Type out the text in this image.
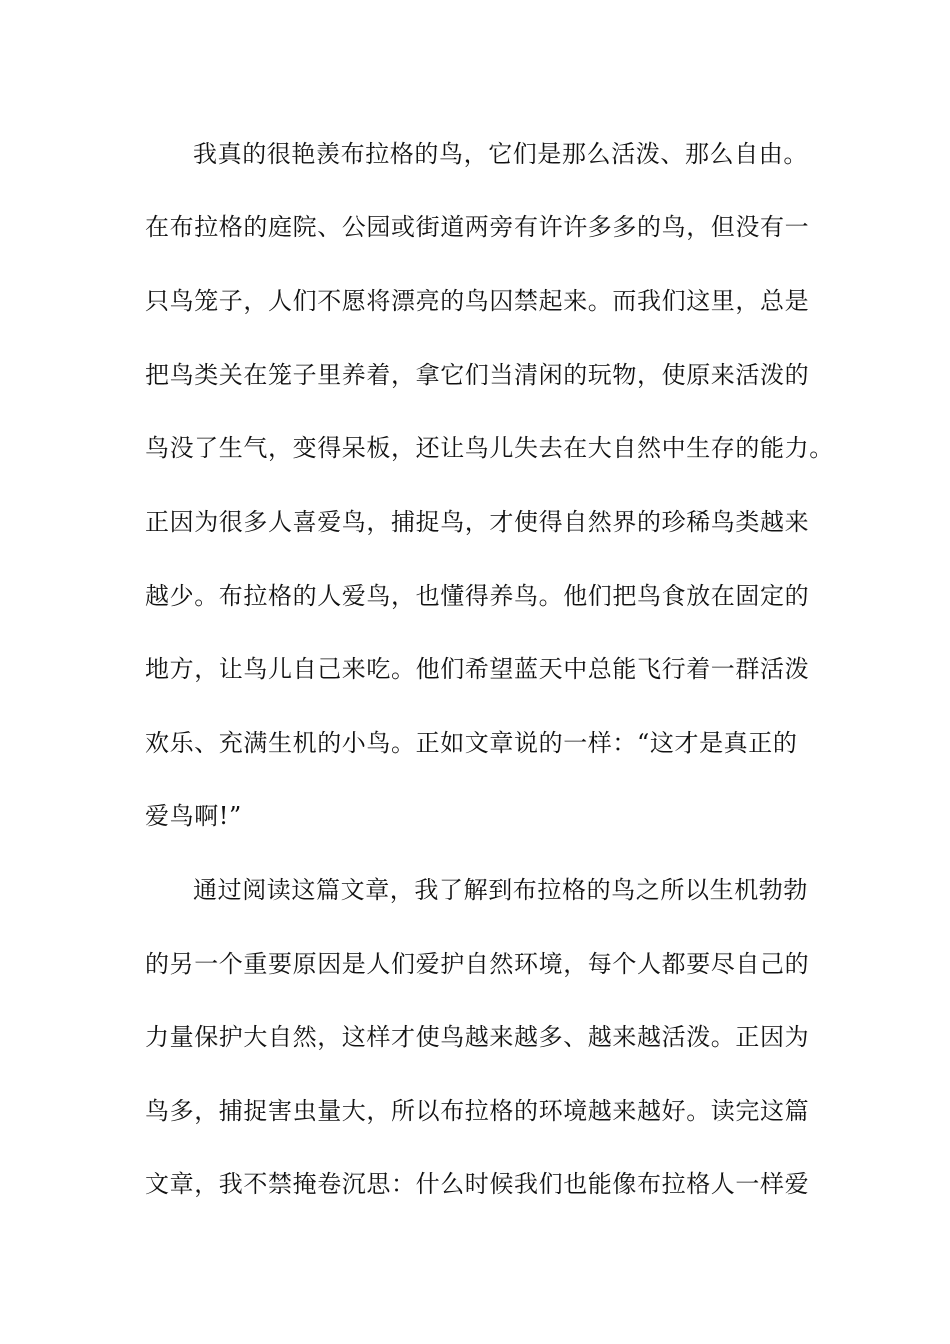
我真的很艳羡布拉格的鸟，它们是那么活泼、那么自由。
在布拉格的庭院、公园或街道两旁有许许多多的鸟，但没有一
只鸟笼子，人们不愿将漂亮的鸟囚禁起来。而我们这里，总是
把鸟类关在笼子里养着，拿它们当清闲的玩物，使原来活泼的
鸟没了生气，变得呆板，还让鸟儿失去在大自然中生存的能力。
正因为很多人喜爱鸟，捕捉鸟，才使得自然界的珍稀鸟类越来
越少。布拉格的人爱鸟，也懂得养鸟。他们把鸟食放在固定的
地方，让鸟儿自己来吃。他们希望蓝天中总能飞行着一群活泼
欢乐、充满生机的小鸟。正如文章说的一样：“这才是真正的
爱鸟啊!”
通过阅读这篇文章，我了解到布拉格的鸟之所以生机勃勃
的另一个重要原因是人们爱护自然环境，每个人都要尽自己的
力量保护大自然，这样才使鸟越来越多、越来越活泼。正因为
鸟多，捕捉害虫量大，所以布拉格的环境越来越好。读完这篇
文章，我不禁掩卷沉思：什么时候我们也能像布拉格人一样爱
